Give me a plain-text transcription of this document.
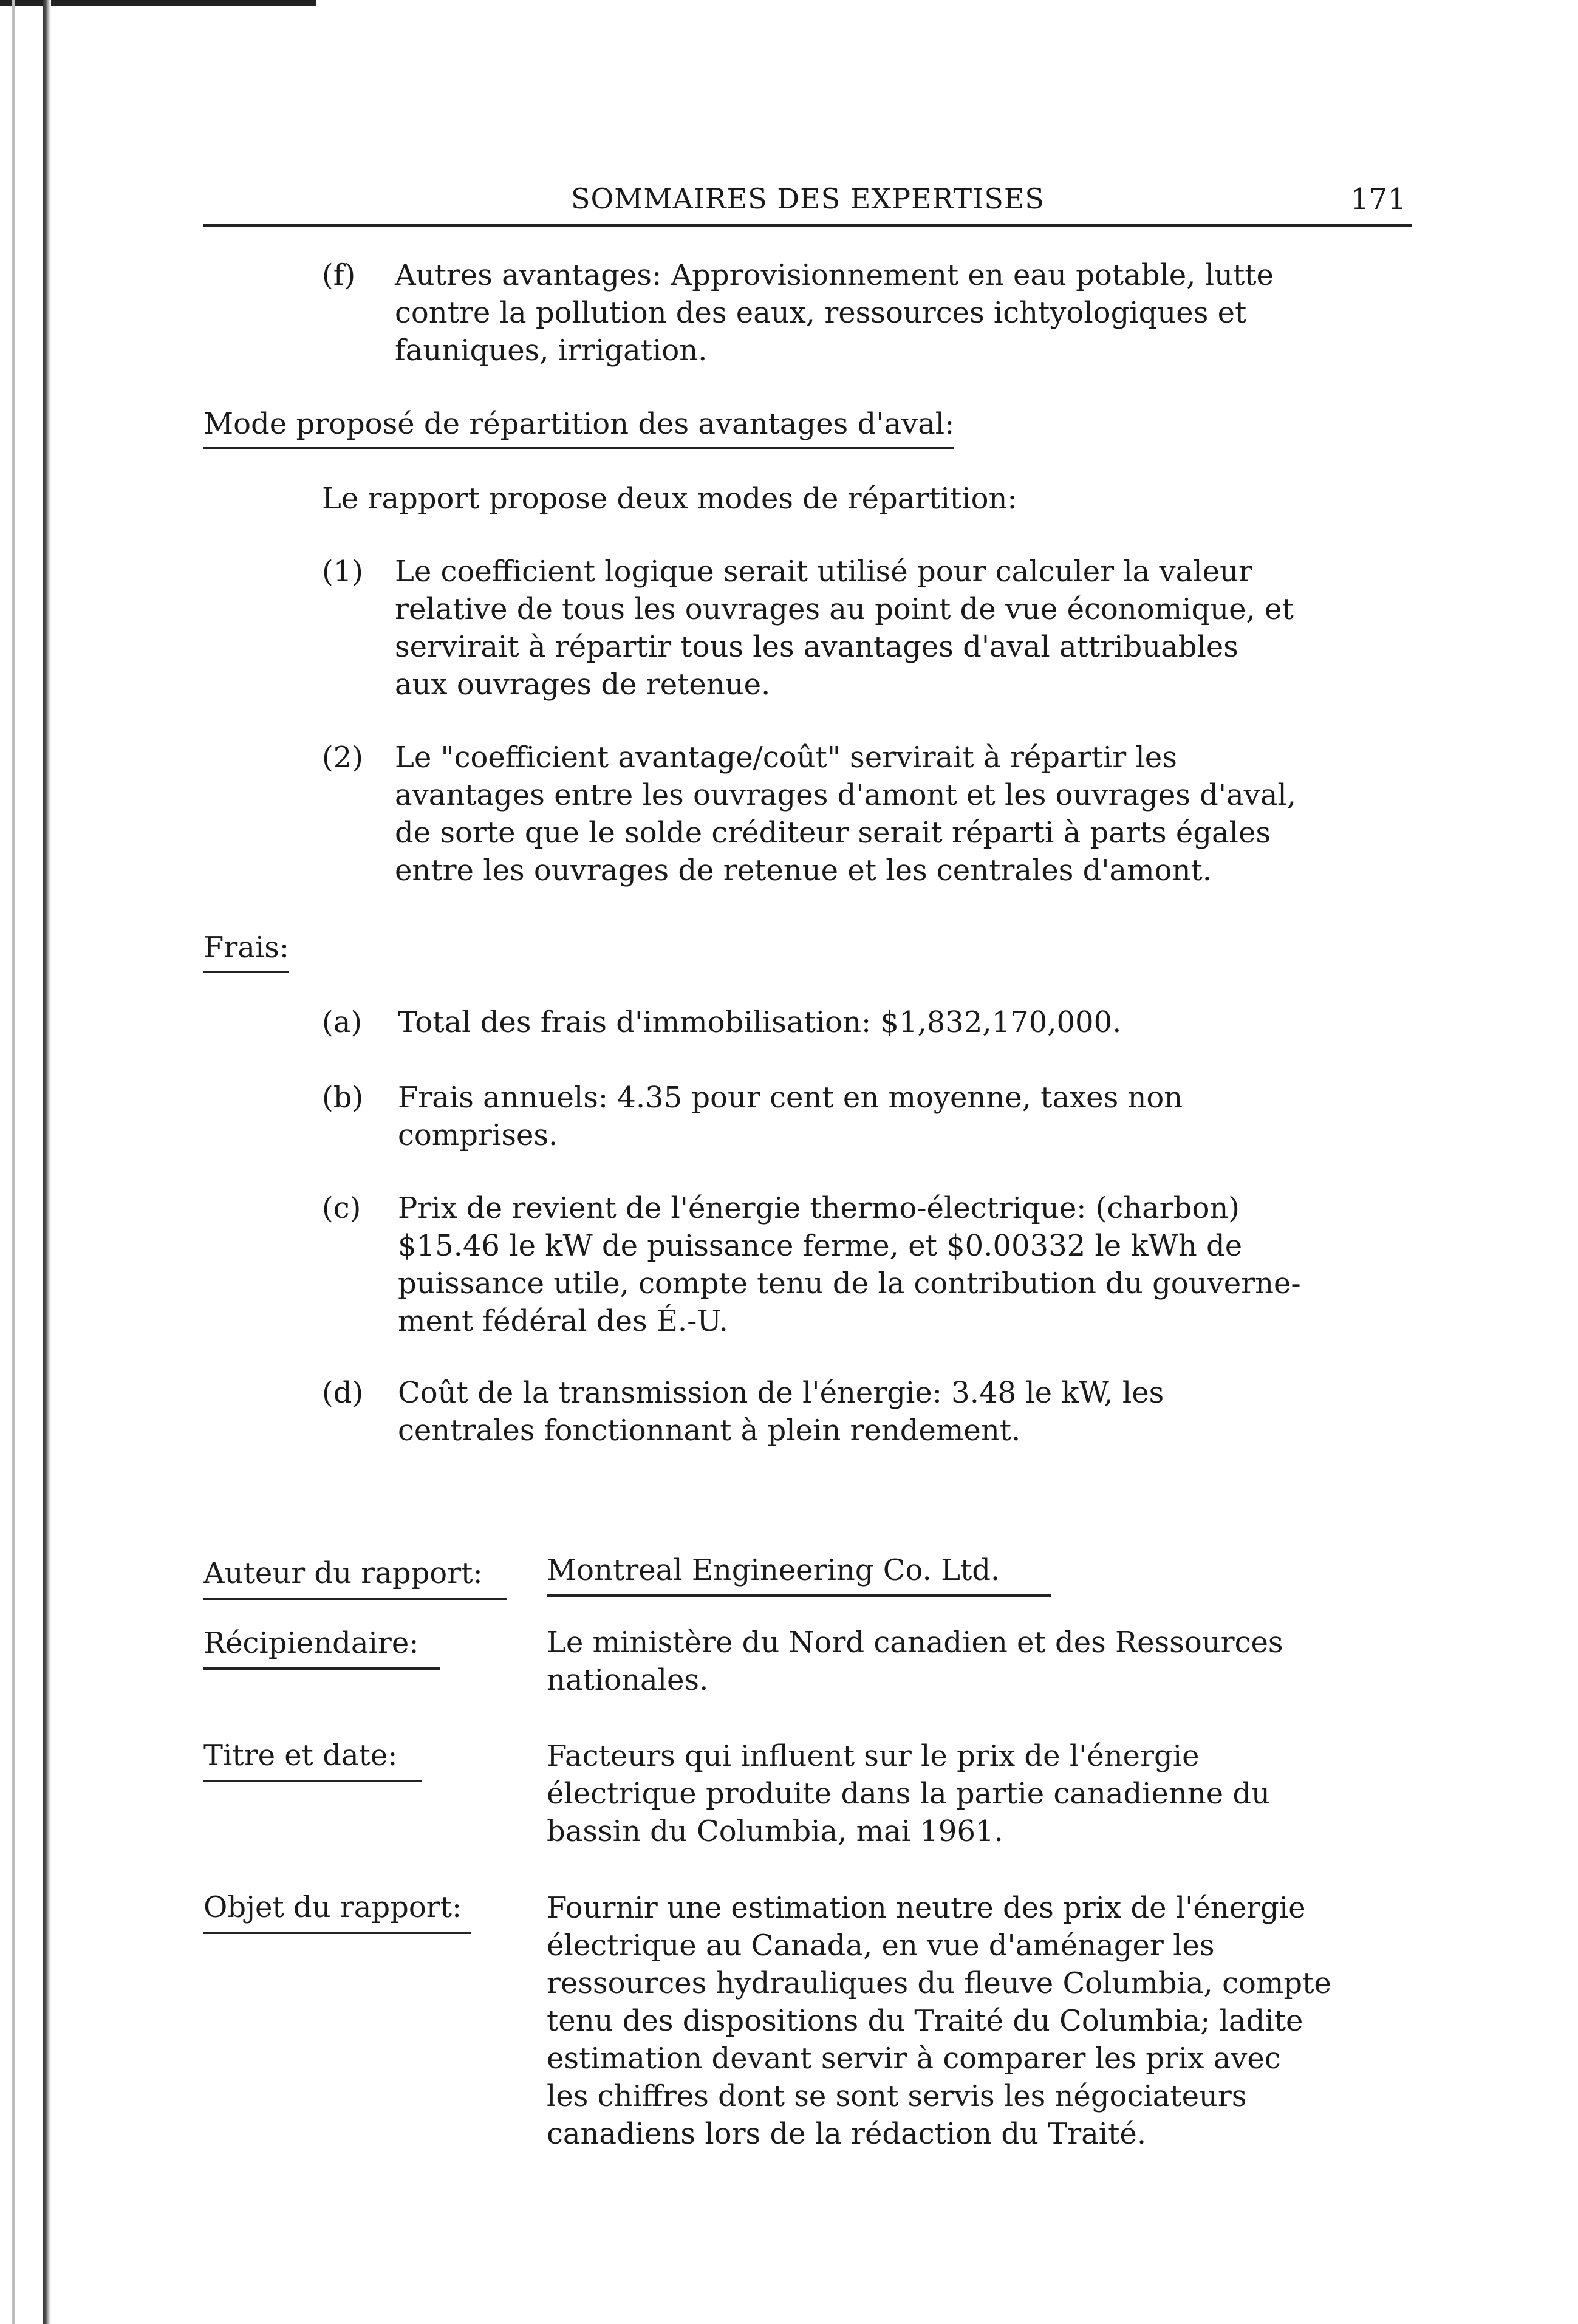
SOMMAIRES DES EXPERTISES	171
(f) Autres avantages: Approvisionnement en eau potable, lutte
contre la pollution des eaux, ressources ichtyologiques et
fauniques, irrigation.
Mode proposé de répartition des avantages d'aval:
Le rapport propose deux modes de répartition:
(1) Le coefficient logique serait utilisé pour calculer la valeur
relative de tous les ouvrages au point de vue économique, et
servirait à répartir tous les avantages d'aval attribuables
aux ouvrages de retenue.
(2) Le "coefficient avantage/coût" servirait à répartir les
avantages entre les ouvrages d'amont et les ouvrages d'aval,
de sorte que le solde créditeur serait réparti à parts égales
entre les ouvrages de retenue et les centrales d'amont.
Frais:
(a) Total des frais d'immobilisation: $1,832,170,000.
(b) Frais annuels: 4.35 pour cent en moyenne, taxes non
comprises.
(c) Prix de revient de l'énergie thermo-électrique: (charbon)
$15.46 le kW de puissance ferme, et $0.00332 le kWh de
puissance utile, compte tenu de la contribution du gouverne-
ment fédéral des É.-U.
(d) Coût de la transmission de l'énergie: 3.48 le kW, les
centrales fonctionnant à plein rendement.
Auteur du rapport: Montreal Engineering Co. Ltd.
Récipiendaire:	Le ministère du Nord canadien et des Ressources
nationales.
Titre et date:	Facteurs qui influent sur le prix de l'énergie
électrique produite dans la partie canadienne du
bassin du Columbia, mai 1961.
Objet du rapport:	Fournir une estimation neutre des prix de l'énergie
électrique au Canada, en vue d'aménager les
ressources hydrauliques du fleuve Columbia, compte
tenu des dispositions du Traité du Columbia; ladite
estimation devant servir à comparer les prix avec
les chiffres dont se sont servis les négociateurs
canadiens lors de la rédaction du Traité.
